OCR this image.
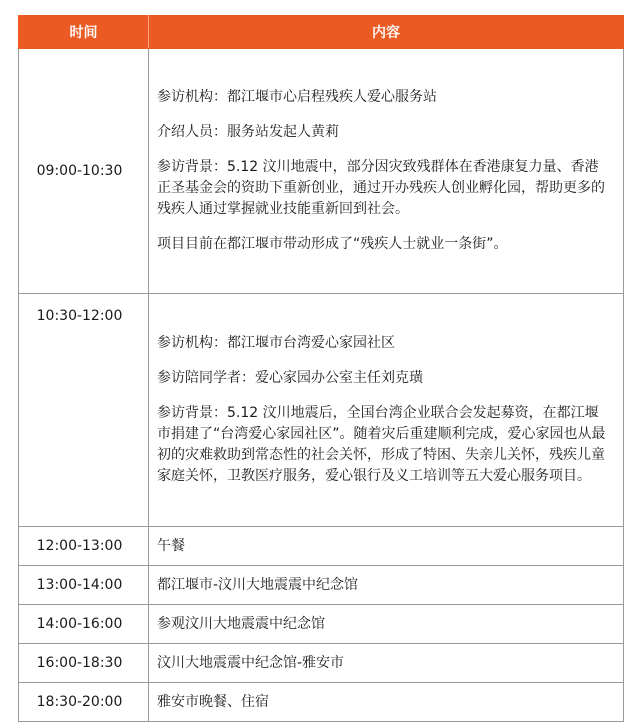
时间	内容
09:00-10:30	参访机构：都江堰市心启程残疾人爱心服务站

介绍人员：服务站发起人黄莉

参访背景：5.12 汶川地震中，部分因灾致残群体在香港康复力量、香港正圣基金会的资助下重新创业，通过开办残疾人创业孵化园，帮助更多的残疾人通过掌握就业技能重新回到社会。

项目目前在都江堰市带动形成了“残疾人士就业一条街”。

10:30-12:00	参访机构：都江堰市台湾爱心家园社区

参访陪同学者：爱心家园办公室主任刘克璜

参访背景：5.12 汶川地震后，全国台湾企业联合会发起募资，在都江堰市捐建了“台湾爱心家园社区”。随着灾后重建顺利完成，爱心家园也从最初的灾难救助到常态性的社会关怀，形成了特困、失亲儿关怀，残疾儿童家庭关怀，卫教医疗服务，爱心银行及义工培训等五大爱心服务项目。

12:00-13:00	午餐
13:00-14:00	都江堰市-汶川大地震震中纪念馆
14:00-16:00	参观汶川大地震震中纪念馆
16:00-18:30	汶川大地震震中纪念馆-雅安市
18:30-20:00	雅安市晚餐、住宿
